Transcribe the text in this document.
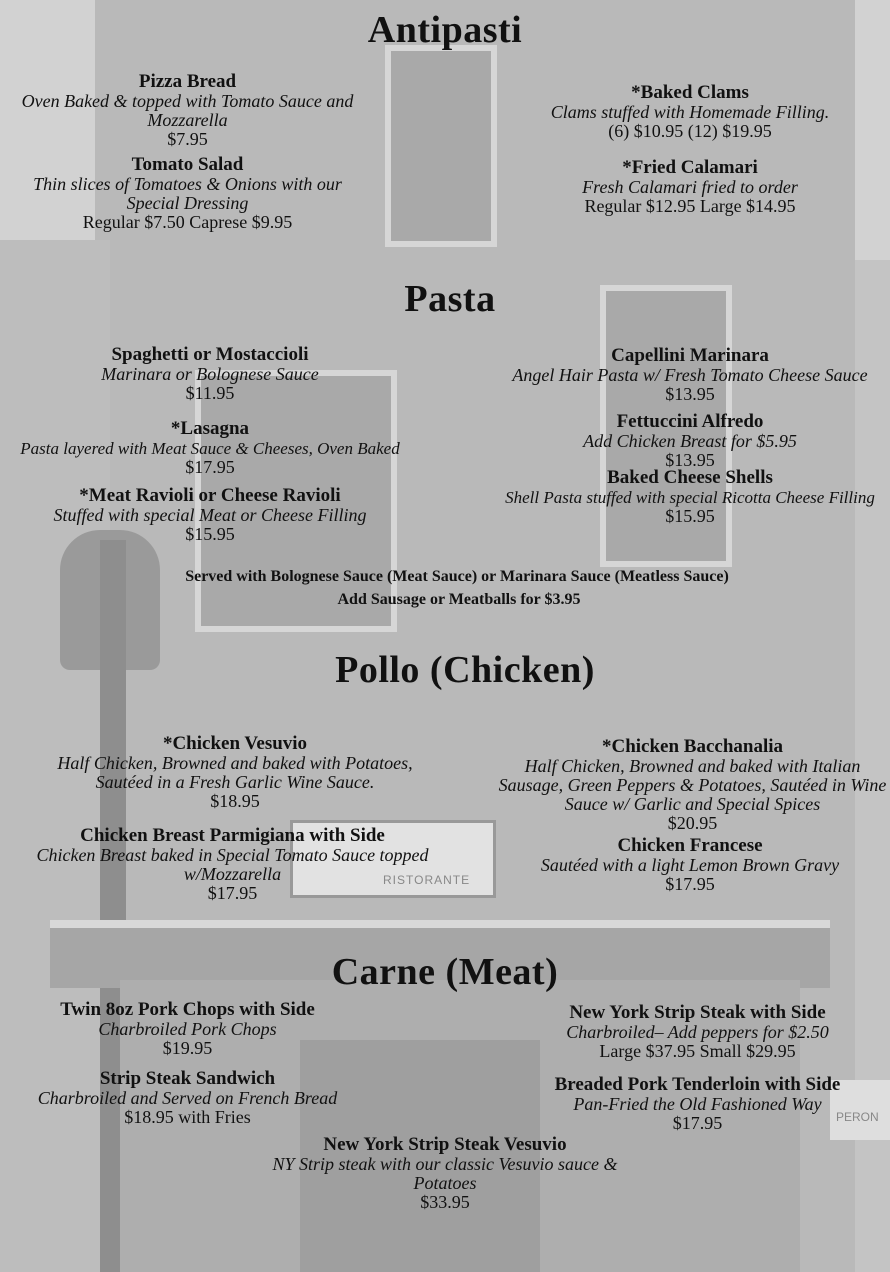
RISTORANTE
PERON
Antipasti
Pizza Bread
Oven Baked & topped with Tomato Sauce and Mozzarella
$7.95
Tomato Salad
Thin slices of Tomatoes & Onions with our Special Dressing
Regular $7.50 Caprese $9.95
*Baked Clams
Clams stuffed with Homemade Filling.
(6) $10.95 (12) $19.95
*Fried Calamari
Fresh Calamari fried to order
Regular $12.95 Large $14.95
Pasta
Spaghetti or Mostaccioli
Marinara or Bolognese Sauce
$11.95
*Lasagna
Pasta layered with Meat Sauce & Cheeses, Oven Baked
$17.95
*Meat Ravioli or Cheese Ravioli
Stuffed with special Meat or Cheese Filling
$15.95
Capellini Marinara
Angel Hair Pasta w/ Fresh Tomato Cheese Sauce
$13.95
Fettuccini Alfredo
Add Chicken Breast for $5.95
$13.95
Baked Cheese Shells
Shell Pasta stuffed with special Ricotta Cheese Filling
$15.95
Served with Bolognese Sauce (Meat Sauce) or Marinara Sauce (Meatless Sauce)
Add Sausage or Meatballs for $3.95
Pollo (Chicken)
*Chicken Vesuvio
Half Chicken, Browned and baked with Potatoes, Sautéed in a Fresh Garlic Wine Sauce.
$18.95
Chicken Breast Parmigiana with Side
Chicken Breast baked in Special Tomato Sauce topped w/Mozzarella
$17.95
*Chicken Bacchanalia
Half Chicken, Browned and baked with Italian Sausage, Green Peppers & Potatoes, Sautéed in Wine Sauce w/ Garlic and Special Spices
$20.95
Chicken Francese
Sautéed with a light Lemon Brown Gravy
$17.95
Carne (Meat)
Twin 8oz Pork Chops with Side
Charbroiled Pork Chops
$19.95
Strip Steak Sandwich
Charbroiled and Served on French Bread
$18.95 with Fries
New York Strip Steak with Side
Charbroiled– Add peppers for $2.50
Large $37.95 Small $29.95
Breaded Pork Tenderloin with Side
Pan-Fried the Old Fashioned Way
$17.95
New York Strip Steak Vesuvio
NY Strip steak with our classic Vesuvio sauce & Potatoes
$33.95
